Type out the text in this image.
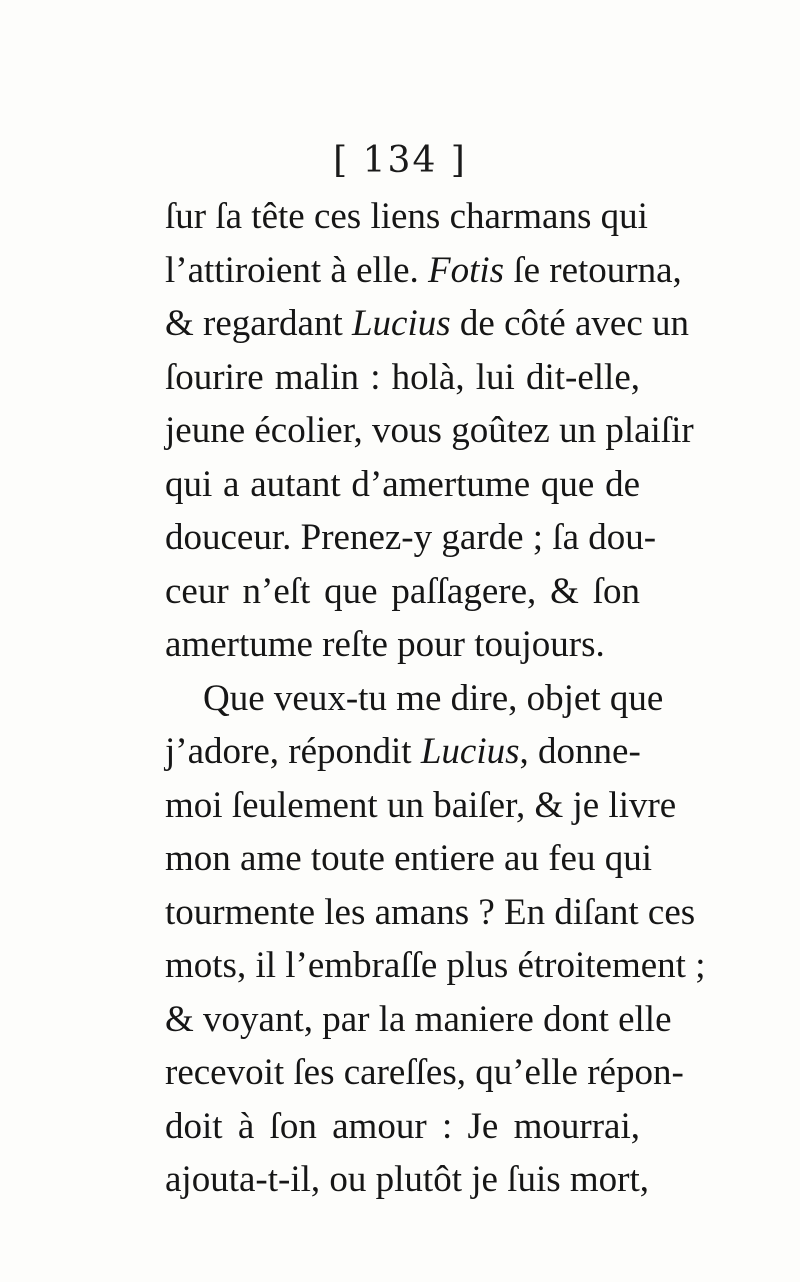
[ 134 ]
ſur ſa tête ces liens charmans qui
l’attiroient à elle. Fotis ſe retourna,
& regardant Lucius de côté avec un
ſourire malin : holà, lui dit-elle,
jeune écolier, vous goûtez un plaiſir
qui a autant d’amertume que de
douceur. Prenez-y garde ; ſa dou-
ceur n’eſt que paſſagere, & ſon
amertume reſte pour toujours.
Que veux-tu me dire, objet que
j’adore, répondit Lucius, donne-
moi ſeulement un baiſer, & je livre
mon ame toute entiere au feu qui
tourmente les amans ? En diſant ces
mots, il l’embraſſe plus étroitement ;
& voyant, par la maniere dont elle
recevoit ſes careſſes, qu’elle répon-
doit à ſon amour : Je mourrai,
ajouta-t-il, ou plutôt je ſuis mort,
